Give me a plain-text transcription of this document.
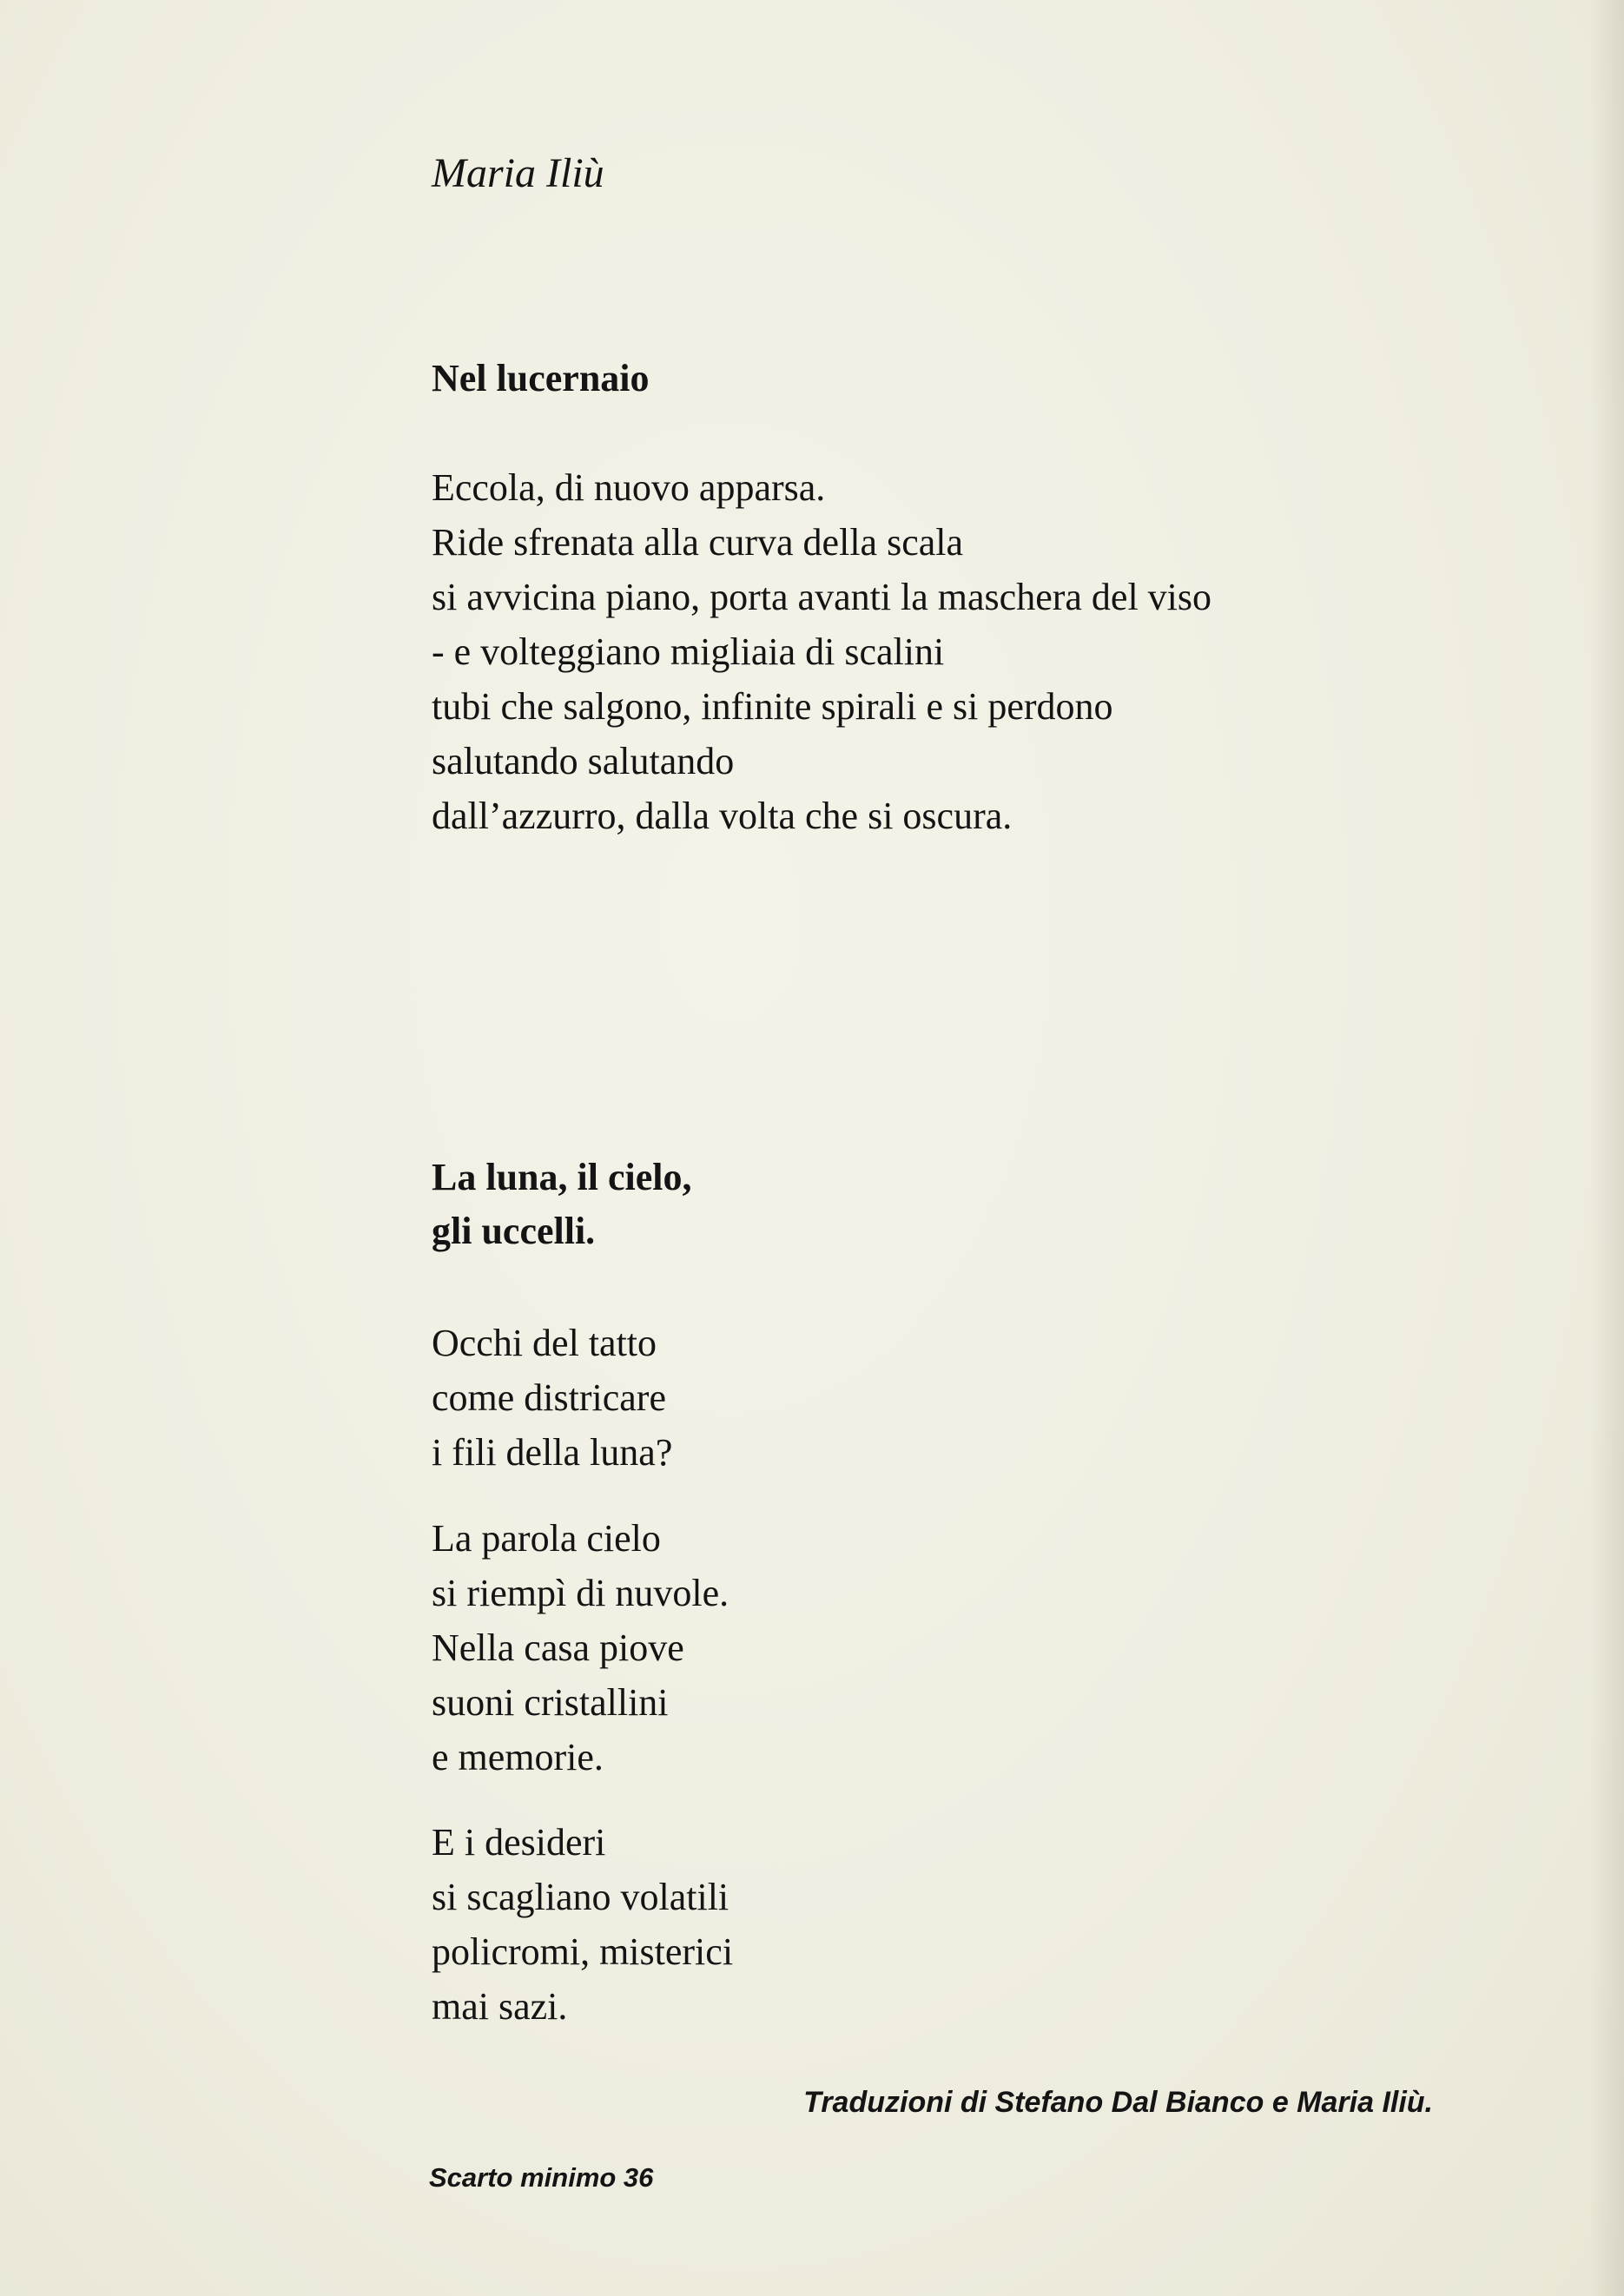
Maria Iliù
Nel lucernaio

Eccola, di nuovo apparsa.
Ride sfrenata alla curva della scala
si avvicina piano, porta avanti la maschera del viso
- e volteggiano migliaia di scalini
tubi che salgono, infinite spirali e si perdono
salutando salutando
dall’azzurro, dalla volta che si oscura.

La luna, il cielo,
gli uccelli.

Occhi del tatto
come districare
i fili della luna?

La parola cielo
si riempì di nuvole.
Nella casa piove
suoni cristallini
e memorie.

E i desideri
si scagliano volatili
policromi, misterici
mai sazi.

Traduzioni di Stefano Dal Bianco e Maria Iliù.

Scarto minimo 36
